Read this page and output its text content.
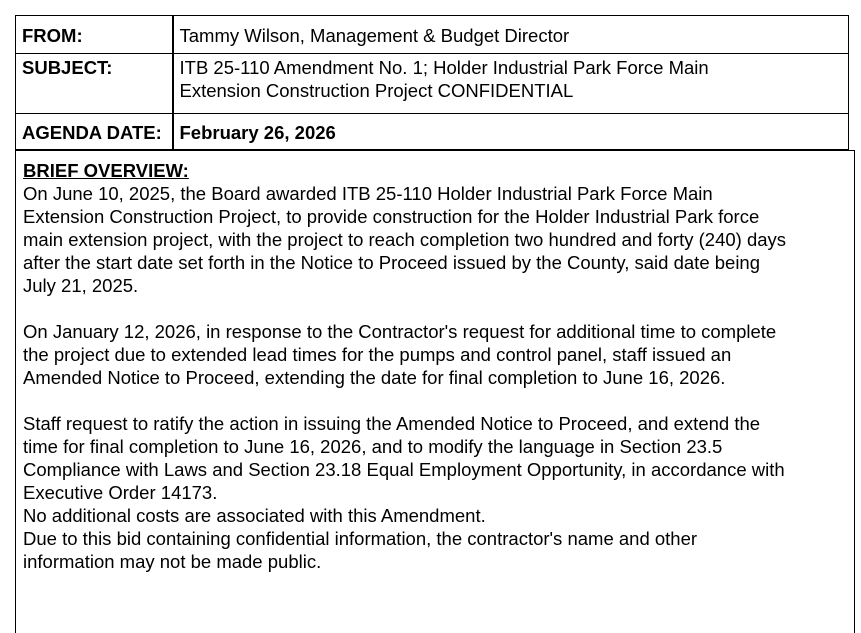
FROM:	Tammy Wilson, Management & Budget Director
SUBJECT:	ITB 25-110 Amendment No. 1; Holder Industrial Park Force Main
Extension Construction Project CONFIDENTIAL

AGENDA DATE:	February 26, 2026
BRIEF OVERVIEW:

On June 10, 2025, the Board awarded ITB 25-110 Holder Industrial Park Force Main
Extension Construction Project, to provide construction for the Holder Industrial Park force
main extension project, with the project to reach completion two hundred and forty (240) days
after the start date set forth in the Notice to Proceed issued by the County, said date being
July 21, 2025.

On January 12, 2026, in response to the Contractor's request for additional time to complete
the project due to extended lead times for the pumps and control panel, staff issued an
Amended Notice to Proceed, extending the date for final completion to June 16, 2026.

Staff request to ratify the action in issuing the Amended Notice to Proceed, and extend the
time for final completion to June 16, 2026, and to modify the language in Section 23.5
Compliance with Laws and Section 23.18 Equal Employment Opportunity, in accordance with
Executive Order 14173.

No additional costs are associated with this Amendment.

Due to this bid containing confidential information, the contractor's name and other
information may not be made public.
